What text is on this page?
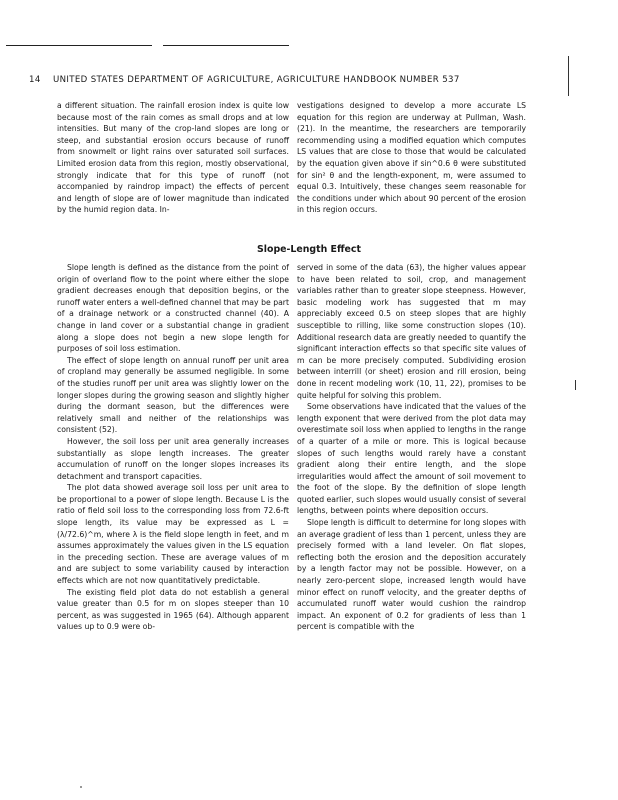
14 UNITED STATES DEPARTMENT OF AGRICULTURE, AGRICULTURE HANDBOOK NUMBER 537

a different situation. The rainfall erosion index is quite low because most of the rain comes as small drops and at low intensities. But many of the crop-land slopes are long or steep, and substantial erosion occurs because of runoff from snowmelt or light rains over saturated soil surfaces. Limited erosion data from this region, mostly observational, strongly indicate that for this type of runoff (not accompanied by raindrop impact) the effects of percent and length of slope are of lower magnitude than indicated by the humid region data. In-

vestigations designed to develop a more accurate LS equation for this region are underway at Pullman, Wash. (21). In the meantime, the researchers are temporarily recommending using a modified equation which computes LS values that are close to those that would be calculated by the equation given above if sin^0.6 θ were substituted for sin² θ and the length-exponent, m, were assumed to equal 0.3. Intuitively, these changes seem reasonable for the conditions under which about 90 percent of the erosion in this region occurs.

Slope-Length Effect

Slope length is defined as the distance from the point of origin of overland flow to the point where either the slope gradient decreases enough that deposition begins, or the runoff water enters a well-defined channel that may be part of a drainage network or a constructed channel (40). A change in land cover or a substantial change in gradient along a slope does not begin a new slope length for purposes of soil loss estimation.

The effect of slope length on annual runoff per unit area of cropland may generally be assumed negligible. In some of the studies runoff per unit area was slightly lower on the longer slopes during the growing season and slightly higher during the dormant season, but the differences were relatively small and neither of the relationships was consistent (52).

However, the soil loss per unit area generally increases substantially as slope length increases. The greater accumulation of runoff on the longer slopes increases its detachment and transport capacities.

The plot data showed average soil loss per unit area to be proportional to a power of slope length. Because L is the ratio of field soil loss to the corresponding loss from 72.6-ft slope length, its value may be expressed as L = (λ/72.6)^m, where λ is the field slope length in feet, and m assumes approximately the values given in the LS equation in the preceding section. These are average values of m and are subject to some variability caused by interaction effects which are not now quantitatively predictable.

The existing field plot data do not establish a general value greater than 0.5 for m on slopes steeper than 10 percent, as was suggested in 1965 (64). Although apparent values up to 0.9 were ob-

served in some of the data (63), the higher values appear to have been related to soil, crop, and management variables rather than to greater slope steepness. However, basic modeling work has suggested that m may appreciably exceed 0.5 on steep slopes that are highly susceptible to rilling, like some construction slopes (10). Additional research data are greatly needed to quantify the significant interaction effects so that specific site values of m can be more precisely computed. Subdividing erosion between interrill (or sheet) erosion and rill erosion, being done in recent modeling work (10, 11, 22), promises to be quite helpful for solving this problem.

Some observations have indicated that the values of the length exponent that were derived from the plot data may overestimate soil loss when applied to lengths in the range of a quarter of a mile or more. This is logical because slopes of such lengths would rarely have a constant gradient along their entire length, and the slope irregularities would affect the amount of soil movement to the foot of the slope. By the definition of slope length quoted earlier, such slopes would usually consist of several lengths, between points where deposition occurs.

Slope length is difficult to determine for long slopes with an average gradient of less than 1 percent, unless they are precisely formed with a land leveler. On flat slopes, reflecting both the erosion and the deposition accurately by a length factor may not be possible. However, on a nearly zero-percent slope, increased length would have minor effect on runoff velocity, and the greater depths of accumulated runoff water would cushion the raindrop impact. An exponent of 0.2 for gradients of less than 1 percent is compatible with the
